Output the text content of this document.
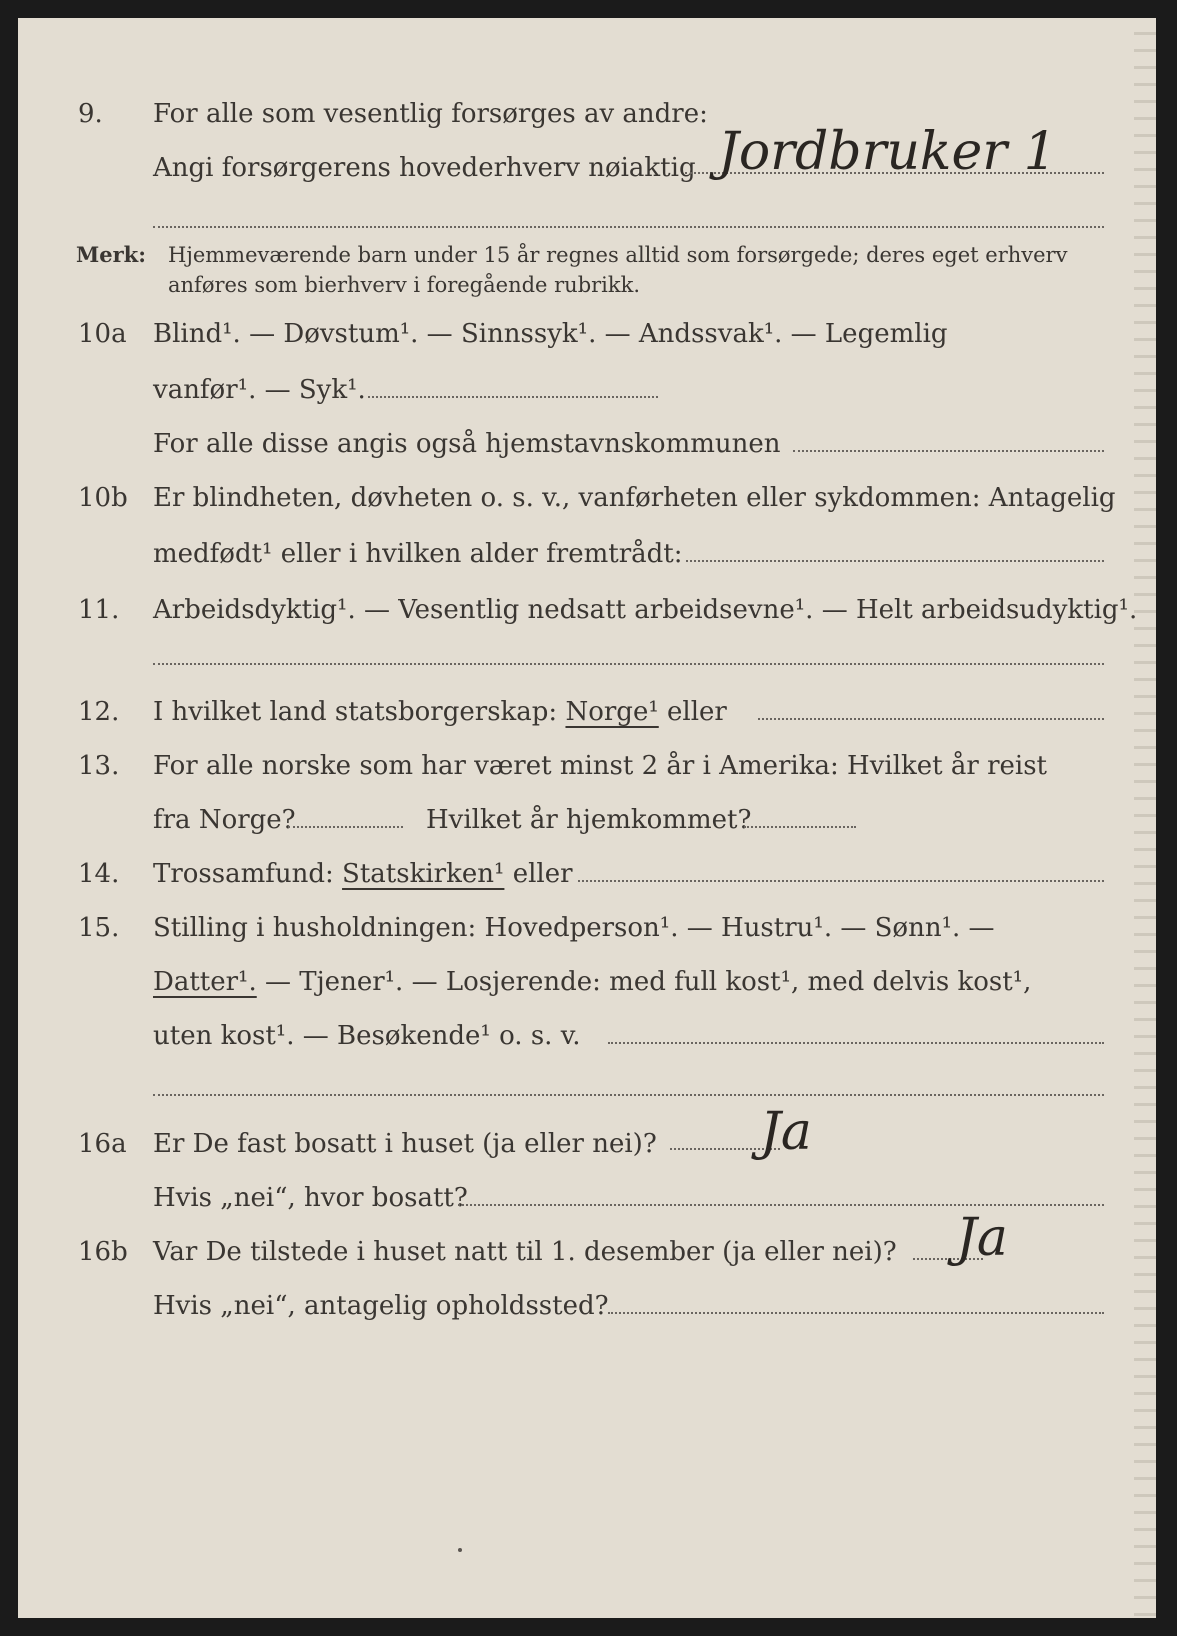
9. For alle som vesentlig forsørges av andre:
Angi forsørgerens hovederhverv nøiaktig Jordbruker 1
Merk: Hjemmeværende barn under 15 år regnes alltid som forsørgede; deres eget erhverv
anføres som bierhverv i foregående rubrikk.
10a Blind¹. — Døvstum¹. — Sinnssyk¹. — Andssvak¹. — Legemlig
vanfør¹. — Syk¹.
For alle disse angis også hjemstavnskommunen
10b Er blindheten, døvheten o. s. v., vanførheten eller sykdommen: Antagelig
medfødt¹ eller i hvilken alder fremtrådt:
11. Arbeidsdyktig¹. — Vesentlig nedsatt arbeidsevne¹. — Helt arbeidsudyktig¹.
12. I hvilket land statsborgerskap: Norge¹ eller
13. For alle norske som har været minst 2 år i Amerika: Hvilket år reist
fra Norge?	Hvilket år hjemkommet?
14. Trossamfund: Statskirken¹ eller
15. Stilling i husholdningen: Hovedperson¹. — Hustru¹. — Sønn¹. —
Datter¹. — Tjener¹. — Losjerende: med full kost¹, med delvis kost¹,
uten kost¹. — Besøkende¹ o. s. v.
16a Er De fast bosatt i huset (ja eller nei)? Ja
Hvis „nei“, hvor bosatt?
16b Var De tilstede i huset natt til 1. desember (ja eller nei)? Ja
Hvis „nei“, antagelig opholdssted?
